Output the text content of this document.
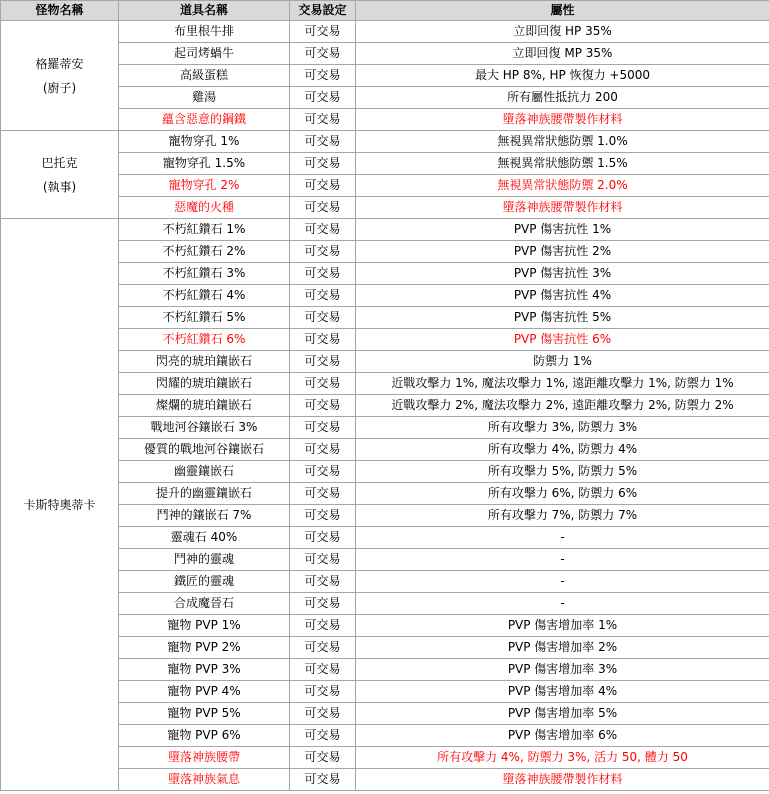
怪物名稱	道具名稱	交易設定	屬性
格羅蒂安
(廚子)	布里根牛排	可交易	立即回復 HP 35%
	起司烤蝸牛	可交易	立即回復 MP 35%
	高級蛋糕	可交易	最大 HP 8%, HP 恢復力 +5000
	雞湯	可交易	所有屬性抵抗力 200
	蘊含惡意的鋼鐵	可交易	墮落神族腰帶製作材料
巴托克
(執事)	寵物穿孔 1%	可交易	無視異常狀態防禦 1.0%
	寵物穿孔 1.5%	可交易	無視異常狀態防禦 1.5%
	寵物穿孔 2%	可交易	無視異常狀態防禦 2.0%
	惡魔的火種	可交易	墮落神族腰帶製作材料
卡斯特奧蒂卡	不朽紅鑽石 1%	可交易	PVP 傷害抗性 1%
	不朽紅鑽石 2%	可交易	PVP 傷害抗性 2%
	不朽紅鑽石 3%	可交易	PVP 傷害抗性 3%
	不朽紅鑽石 4%	可交易	PVP 傷害抗性 4%
	不朽紅鑽石 5%	可交易	PVP 傷害抗性 5%
	不朽紅鑽石 6%	可交易	PVP 傷害抗性 6%
	閃亮的琥珀鑲嵌石	可交易	防禦力 1%
	閃耀的琥珀鑲嵌石	可交易	近戰攻擊力 1%, 魔法攻擊力 1%, 遠距離攻擊力 1%, 防禦力 1%
	燦爛的琥珀鑲嵌石	可交易	近戰攻擊力 2%, 魔法攻擊力 2%, 遠距離攻擊力 2%, 防禦力 2%
	戰地河谷鑲嵌石 3%	可交易	所有攻擊力 3%, 防禦力 3%
	優質的戰地河谷鑲嵌石	可交易	所有攻擊力 4%, 防禦力 4%
	幽靈鑲嵌石	可交易	所有攻擊力 5%, 防禦力 5%
	提升的幽靈鑲嵌石	可交易	所有攻擊力 6%, 防禦力 6%
	鬥神的鑲嵌石 7%	可交易	所有攻擊力 7%, 防禦力 7%
	靈魂石 40%	可交易	-
	鬥神的靈魂	可交易	-
	鐵匠的靈魂	可交易	-
	合成魔晉石	可交易	-
	寵物 PVP 1%	可交易	PVP 傷害增加率 1%
	寵物 PVP 2%	可交易	PVP 傷害增加率 2%
	寵物 PVP 3%	可交易	PVP 傷害增加率 3%
	寵物 PVP 4%	可交易	PVP 傷害增加率 4%
	寵物 PVP 5%	可交易	PVP 傷害增加率 5%
	寵物 PVP 6%	可交易	PVP 傷害增加率 6%
	墮落神族腰帶	可交易	所有攻擊力 4%, 防禦力 3%, 活力 50, 體力 50
	墮落神族氣息	可交易	墮落神族腰帶製作材料
